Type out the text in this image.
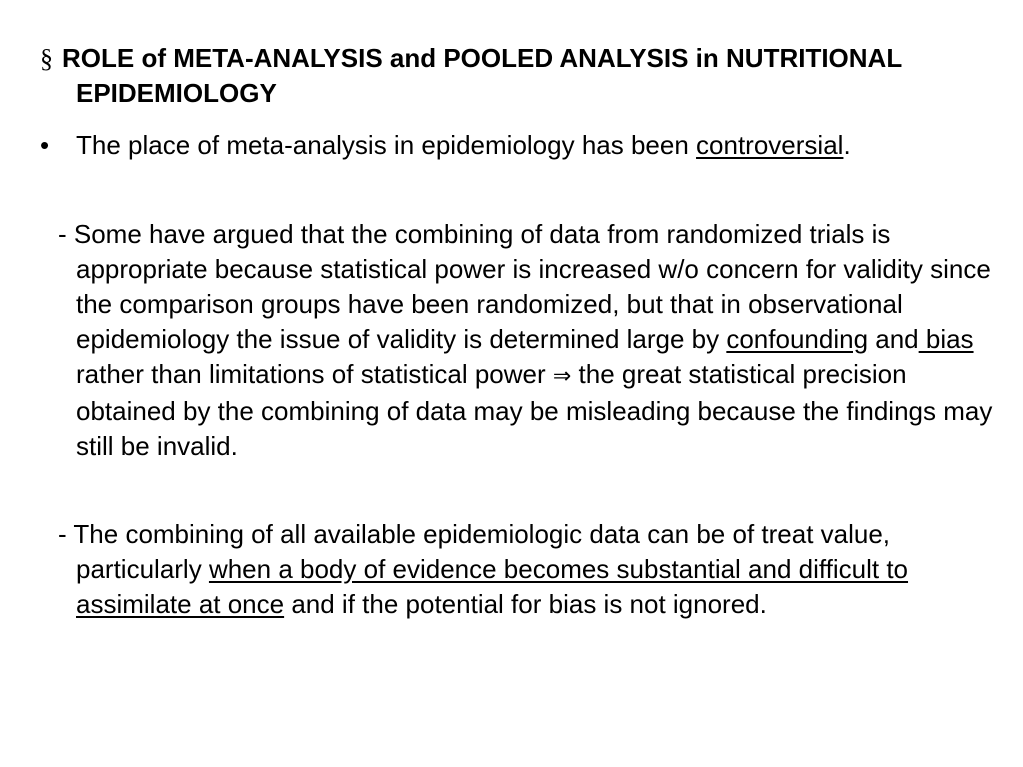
§ ROLE of META-ANALYSIS and POOLED ANALYSIS in NUTRITIONAL EPIDEMIOLOGY

• The place of meta-analysis in epidemiology has been controversial.

- Some have argued that the combining of data from randomized trials is appropriate because statistical power is increased w/o concern for validity since the comparison groups have been randomized, but that in observational epidemiology the issue of validity is determined large by confounding and bias rather than limitations of statistical power ⇒ the great statistical precision obtained by the combining of data may be misleading because the findings may still be invalid.

- The combining of all available epidemiologic data can be of treat value, particularly when a body of evidence becomes substantial and difficult to assimilate at once and if the potential for bias is not ignored.
